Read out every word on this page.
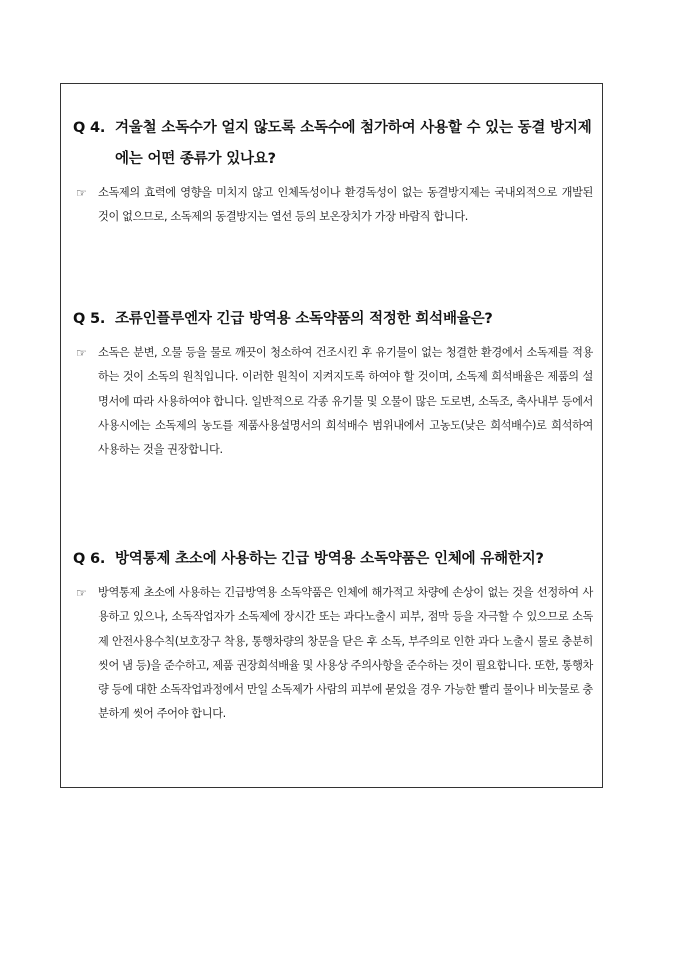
Q 4. 겨울철 소독수가 얼지 않도록 소독수에 첨가하여 사용할 수 있는 동결 방지제에는 어떤 종류가 있나요?
☞	소독제의 효력에 영향을 미치지 않고 인체독성이나 환경독성이 없는 동결방지제는 국내외적으로 개발된 것이 없으므로, 소독제의 동결방지는 열선 등의 보온장치가 가장 바람직 합니다.
Q 5. 조류인플루엔자 긴급 방역용 소독약품의 적정한 희석배율은?
☞	소독은 분변, 오물 등을 물로 깨끗이 청소하여 건조시킨 후 유기물이 없는 청결한 환경에서 소독제를 적용하는 것이 소독의 원칙입니다. 이러한 원칙이 지켜지도록 하여야 할 것이며, 소독제 희석배율은 제품의 설명서에 따라 사용하여야 합니다. 일반적으로 각종 유기물 및 오물이 많은 도로변, 소독조, 축사내부 등에서 사용시에는 소독제의 농도를 제품사용설명서의 희석배수 범위내에서 고농도(낮은 희석배수)로 희석하여 사용하는 것을 권장합니다.
Q 6. 방역통제 초소에 사용하는 긴급 방역용 소독약품은 인체에 유해한지?
☞	방역통제 초소에 사용하는 긴급방역용 소독약품은 인체에 해가적고 차량에 손상이 없는 것을 선정하여 사용하고 있으나, 소독작업자가 소독제에 장시간 또는 과다노출시 피부, 점막 등을 자극할 수 있으므로 소독제 안전사용수칙(보호장구 착용, 통행차량의 창문을 닫은 후 소독, 부주의로 인한 과다 노출시 물로 충분히 씻어 냄 등)을 준수하고, 제품 권장희석배율 및 사용상 주의사항을 준수하는 것이 필요합니다. 또한, 통행차량 등에 대한 소독작업과정에서 만일 소독제가 사람의 피부에 묻었을 경우 가능한 빨리 물이나 비눗물로 충분하게 씻어 주어야 합니다.
